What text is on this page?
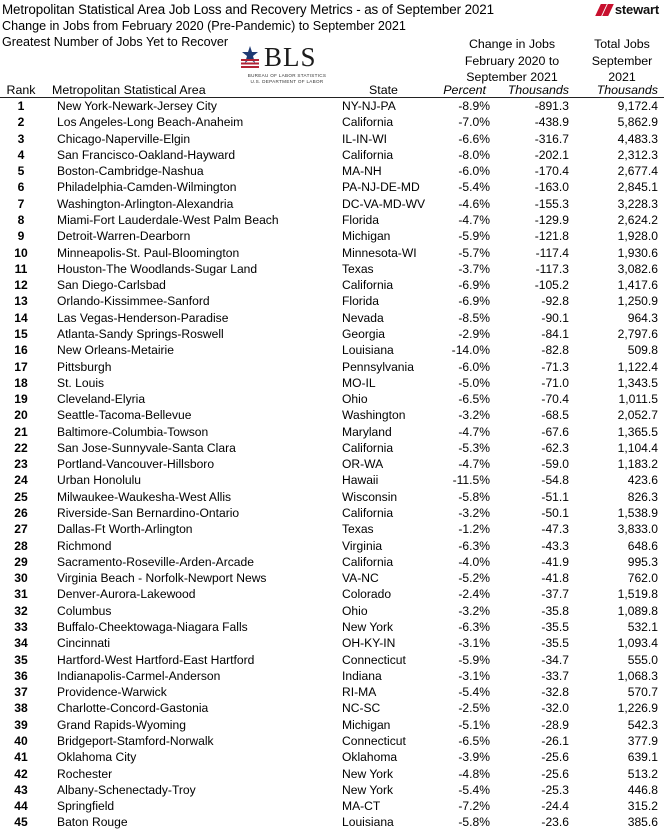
Metropolitan Statistical Area Job Loss and Recovery Metrics - as of September 2021
Change in Jobs from February 2020 (Pre-Pandemic) to September 2021
Greatest Number of Jobs Yet to Recover
stewart
BLS
BUREAU OF LABOR STATISTICS
U.S. DEPARTMENT OF LABOR
Change in Jobs
February 2020 to
September 2021
Total Jobs
September
2021
Rank Metropolitan Statistical Area	State	Percent Thousands	Thousands
1	New York-Newark-Jersey City	NY-NJ-PA	-8.9%	-891.3	9,172.4
2	Los Angeles-Long Beach-Anaheim	California	-7.0%	-438.9	5,862.9
3	Chicago-Naperville-Elgin	IL-IN-WI	-6.6%	-316.7	4,483.3
4	San Francisco-Oakland-Hayward	California	-8.0%	-202.1	2,312.3
5	Boston-Cambridge-Nashua	MA-NH	-6.0%	-170.4	2,677.4
6	Philadelphia-Camden-Wilmington	PA-NJ-DE-MD	-5.4%	-163.0	2,845.1
7	Washington-Arlington-Alexandria	DC-VA-MD-WV	-4.6%	-155.3	3,228.3
8	Miami-Fort Lauderdale-West Palm Beach	Florida	-4.7%	-129.9	2,624.2
9	Detroit-Warren-Dearborn	Michigan	-5.9%	-121.8	1,928.0
10	Minneapolis-St. Paul-Bloomington	Minnesota-WI	-5.7%	-117.4	1,930.6
11	Houston-The Woodlands-Sugar Land	Texas	-3.7%	-117.3	3,082.6
12	San Diego-Carlsbad	California	-6.9%	-105.2	1,417.6
13	Orlando-Kissimmee-Sanford	Florida	-6.9%	-92.8	1,250.9
14	Las Vegas-Henderson-Paradise	Nevada	-8.5%	-90.1	964.3
15	Atlanta-Sandy Springs-Roswell	Georgia	-2.9%	-84.1	2,797.6
16	New Orleans-Metairie	Louisiana	-14.0%	-82.8	509.8
17	Pittsburgh	Pennsylvania	-6.0%	-71.3	1,122.4
18	St. Louis	MO-IL	-5.0%	-71.0	1,343.5
19	Cleveland-Elyria	Ohio	-6.5%	-70.4	1,011.5
20	Seattle-Tacoma-Bellevue	Washington	-3.2%	-68.5	2,052.7
21	Baltimore-Columbia-Towson	Maryland	-4.7%	-67.6	1,365.5
22	San Jose-Sunnyvale-Santa Clara	California	-5.3%	-62.3	1,104.4
23	Portland-Vancouver-Hillsboro	OR-WA	-4.7%	-59.0	1,183.2
24	Urban Honolulu	Hawaii	-11.5%	-54.8	423.6
25	Milwaukee-Waukesha-West Allis	Wisconsin	-5.8%	-51.1	826.3
26	Riverside-San Bernardino-Ontario	California	-3.2%	-50.1	1,538.9
27	Dallas-Ft Worth-Arlington	Texas	-1.2%	-47.3	3,833.0
28	Richmond	Virginia	-6.3%	-43.3	648.6
29	Sacramento-Roseville-Arden-Arcade	California	-4.0%	-41.9	995.3
30	Virginia Beach - Norfolk-Newport News	VA-NC	-5.2%	-41.8	762.0
31	Denver-Aurora-Lakewood	Colorado	-2.4%	-37.7	1,519.8
32	Columbus	Ohio	-3.2%	-35.8	1,089.8
33	Buffalo-Cheektowaga-Niagara Falls	New York	-6.3%	-35.5	532.1
34	Cincinnati	OH-KY-IN	-3.1%	-35.5	1,093.4
35	Hartford-West Hartford-East Hartford	Connecticut	-5.9%	-34.7	555.0
36	Indianapolis-Carmel-Anderson	Indiana	-3.1%	-33.7	1,068.3
37	Providence-Warwick	RI-MA	-5.4%	-32.8	570.7
38	Charlotte-Concord-Gastonia	NC-SC	-2.5%	-32.0	1,226.9
39	Grand Rapids-Wyoming	Michigan	-5.1%	-28.9	542.3
40	Bridgeport-Stamford-Norwalk	Connecticut	-6.5%	-26.1	377.9
41	Oklahoma City	Oklahoma	-3.9%	-25.6	639.1
42	Rochester	New York	-4.8%	-25.6	513.2
43	Albany-Schenectady-Troy	New York	-5.4%	-25.3	446.8
44	Springfield	MA-CT	-7.2%	-24.4	315.2
45	Baton Rouge	Louisiana	-5.8%	-23.6	385.6
